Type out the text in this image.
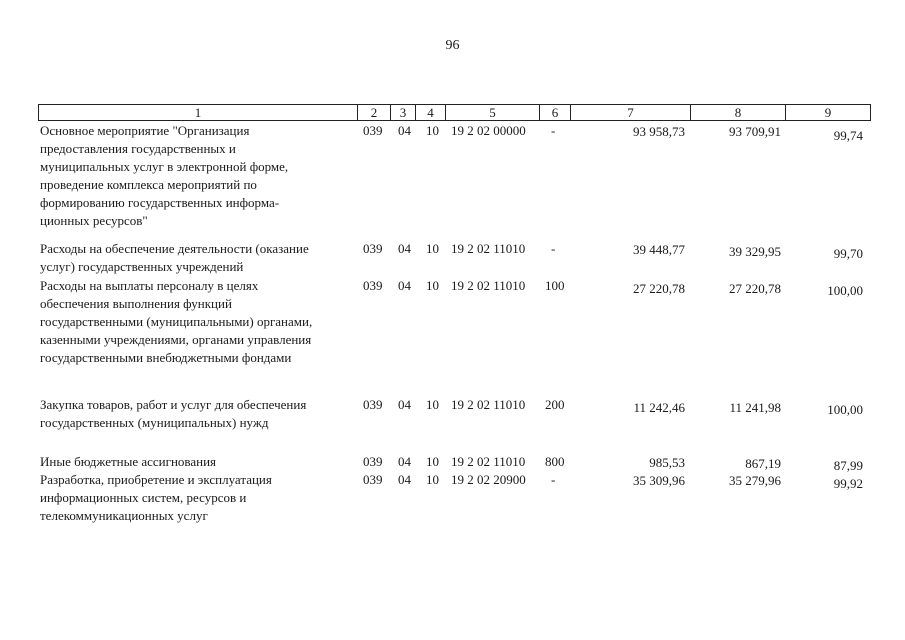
96
1	2	3	4	5	6	7	8	9
Основное мероприятие "Организация
предоставления государственных и
муниципальных услуг в электронной форме,
проведение комплекса мероприятий по
формированию государственных информа-
ционных ресурсов"
039 04 10 19 2 02 00000 -	93 958,73	93 709,91	99,74
Расходы на обеспечение деятельности (оказание
услуг) государственных учреждений
039 04 10 19 2 02 11010 -	39 448,77	39 329,95	99,70
Расходы на выплаты персоналу в целях
обеспечения выполнения функций
государственными (муниципальными) органами,
казенными учреждениями, органами управления
государственными внебюджетными фондами
039 04 10 19 2 02 11010 100	27 220,78	27 220,78	100,00
Закупка товаров, работ и услуг для обеспечения
государственных (муниципальных) нужд
039 04 10 19 2 02 11010 200	11 242,46	11 241,98	100,00
Иные бюджетные ассигнования	039 04 10 19 2 02 11010 800	985,53	867,19	87,99
Разработка, приобретение и эксплуатация
информационных систем, ресурсов и
телекоммуникационных услуг
039 04 10 19 2 02 20900 -	35 309,96	35 279,96	99,92
